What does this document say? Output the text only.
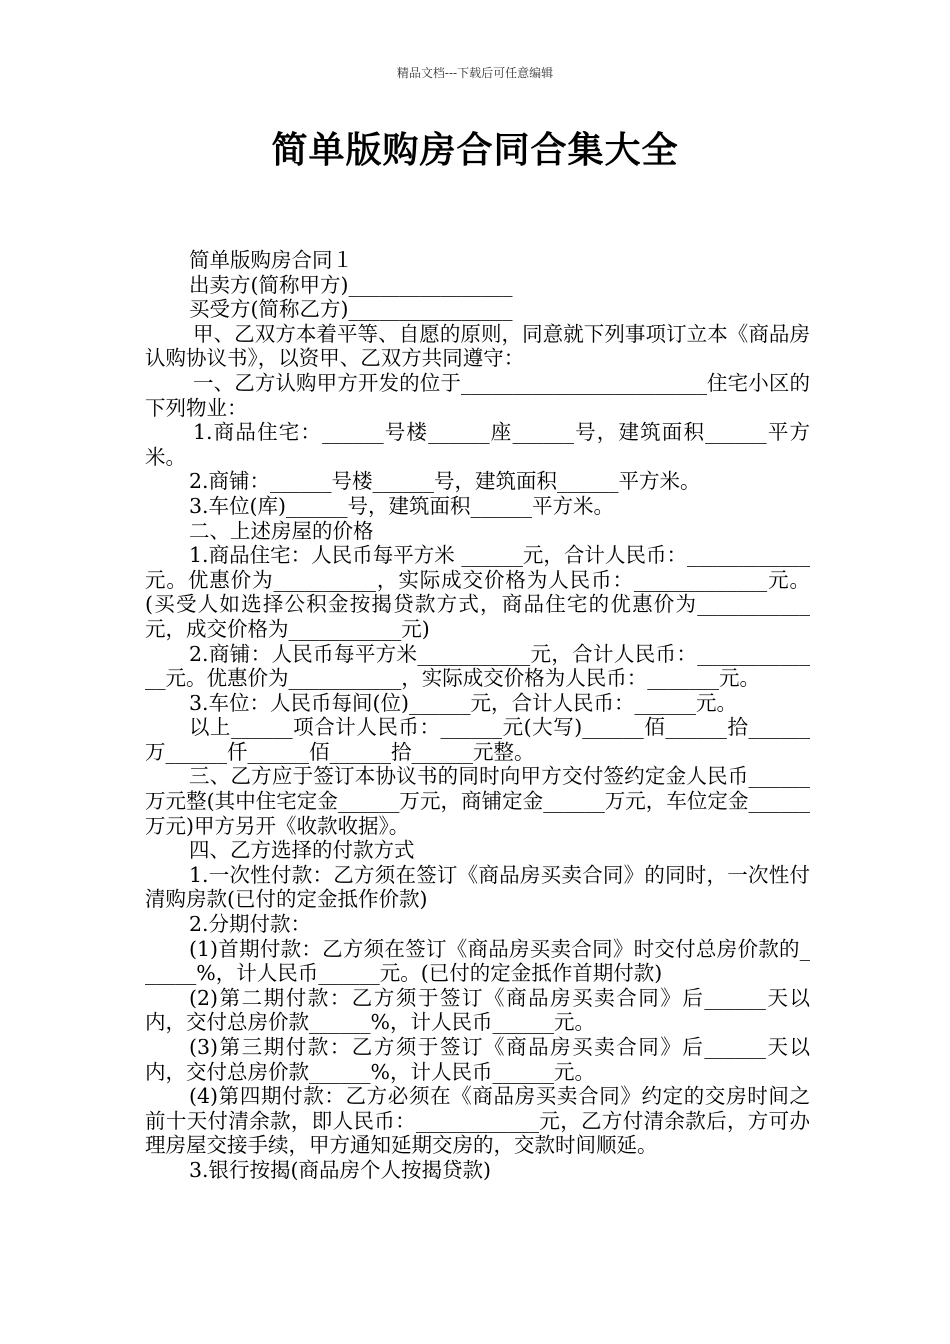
精品文档---下载后可任意编辑
简单版购房合同合集大全

简单版购房合同１

出卖方(简称甲方)________________

买受方(简称乙方)________________

甲、乙双方本着平等、自愿的原则，同意就下列事项订立本《商品房认购协议书》，以资甲、乙双方共同遵守：

一、乙方认购甲方开发的位于________________________住宅小区的下列物业：

1.商品住宅：______号楼______座______号，建筑面积______平方米。

2.商铺：______号楼______号，建筑面积______平方米。

3.车位(库)______号，建筑面积______平方米。

二、上述房屋的价格

1.商品住宅：人民币每平方米 ______元，合计人民币：____________元。优惠价为__________，实际成交价格为人民币：_____________元。(买受人如选择公积金按揭贷款方式，商品住宅的优惠价为___________元，成交价格为___________元)

2.商铺：人民币每平方米___________元，合计人民币：_____________元。优惠价为___________，实际成交价格为人民币：_______元。

3.车位：人民币每间(位)______元，合计人民币：______元。

以上______项合计人民币：______元(大写)______佰______拾______万______仟______佰______拾______元整。

三、乙方应于签订本协议书的同时向甲方交付签约定金人民币______万元整(其中住宅定金______万元，商铺定金______万元，车位定金______万元)甲方另开《收款收据》。

四、乙方选择的付款方式

1.一次性付款：乙方须在签订《商品房买卖合同》的同时，一次性付清购房款(已付的定金抵作价款)

2.分期付款：

(1)首期付款：乙方须在签订《商品房买卖合同》时交付总房价款的______%，计人民币______元。(已付的定金抵作首期付款)

(2)第二期付款：乙方须于签订《商品房买卖合同》后______天以内，交付总房价款______%，计人民币______元。

(3)第三期付款：乙方须于签订《商品房买卖合同》后______天以内，交付总房价款______%，计人民币______元。

(4)第四期付款：乙方必须在《商品房买卖合同》约定的交房时间之前十天付清余款，即人民币：____________元，乙方付清余款后，方可办理房屋交接手续，甲方通知延期交房的，交款时间顺延。

3.银行按揭(商品房个人按揭贷款)
